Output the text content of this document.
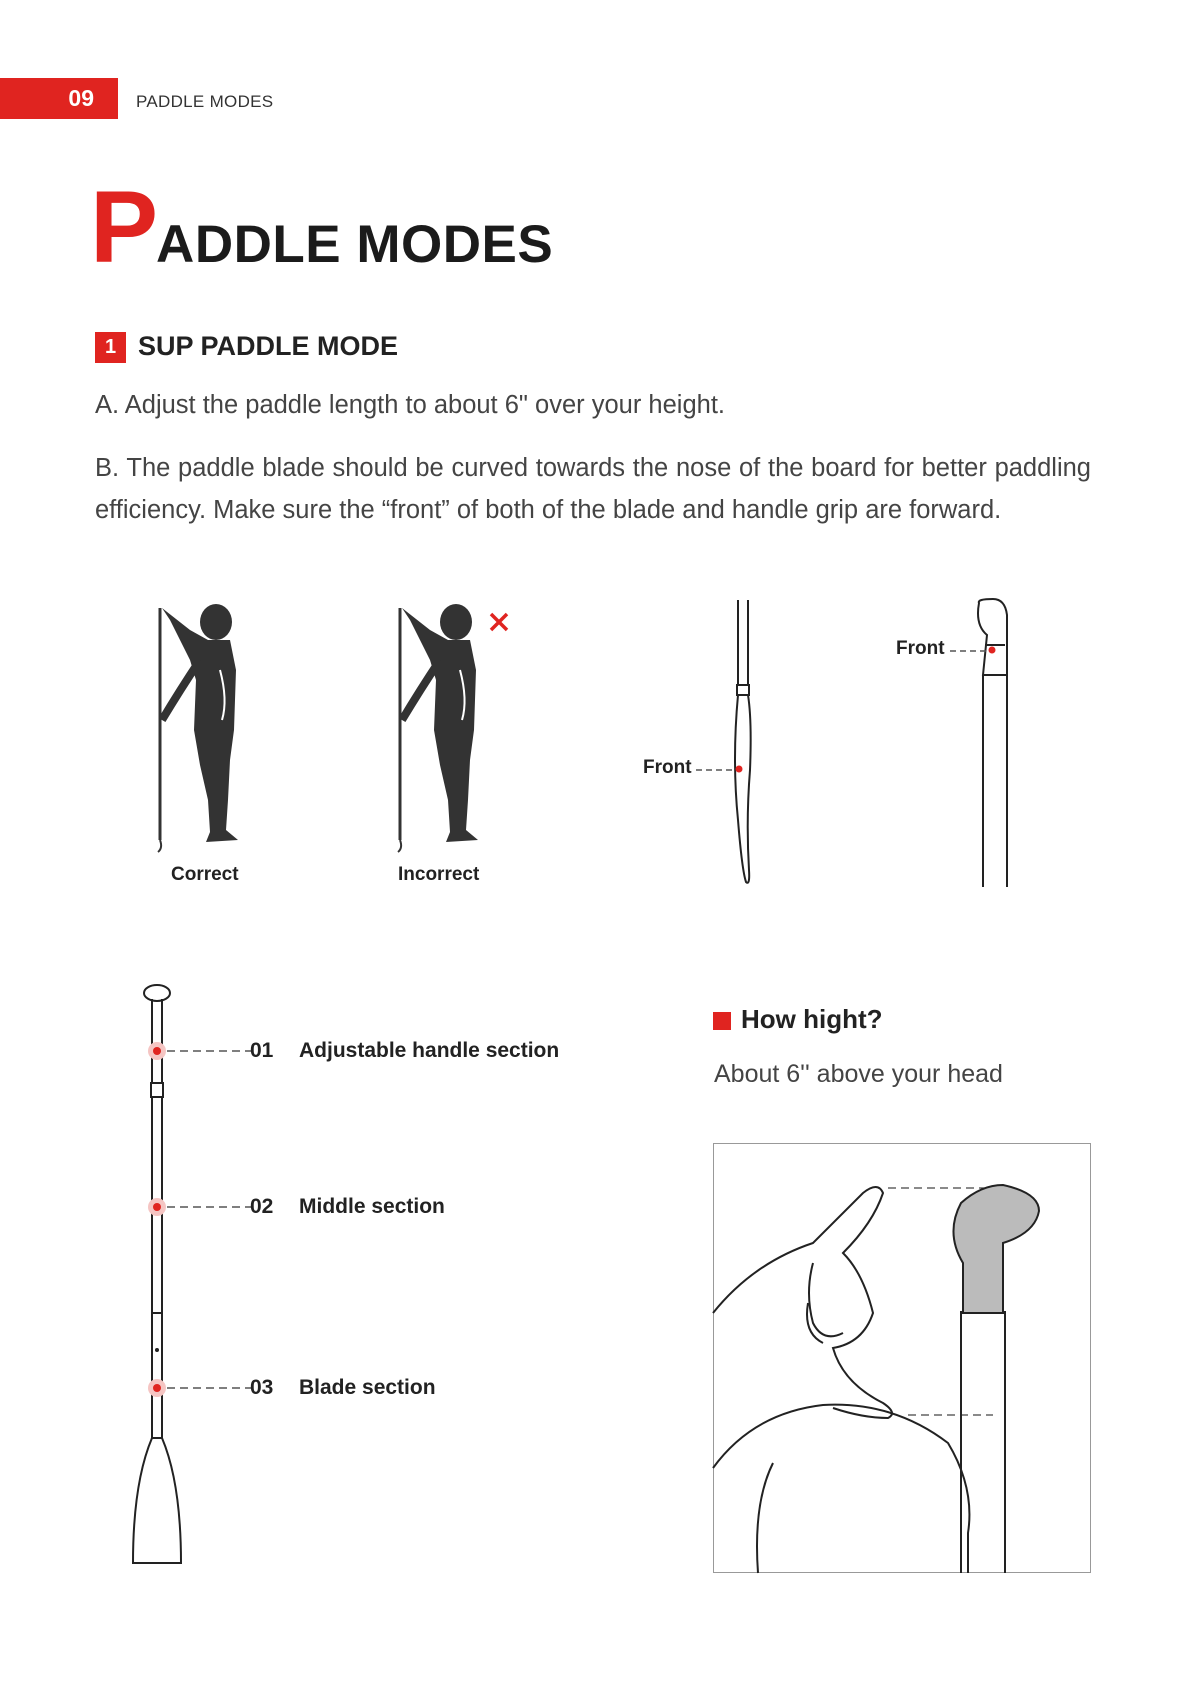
09	PADDLE MODES
PADDLE MODES
1 SUP PADDLE MODE
A. Adjust the paddle length to about 6" over your height.
B. The paddle blade should be curved towards the nose of the board for better paddling efficiency. Make sure the “front” of both of the blade and handle grip are forward.
Correct	Incorrect
Front
Front
01 Adjustable handle section
02 Middle section
03 Blade section
How hight?
About 6'' above your head
